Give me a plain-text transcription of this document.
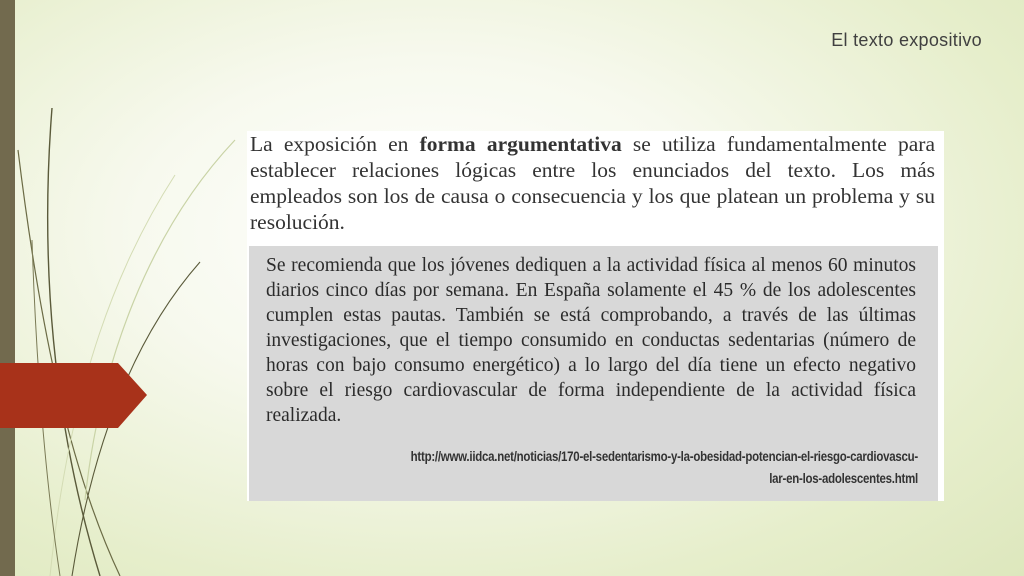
El texto expositivo

La exposición en forma argumentativa se utiliza fundamentalmente para establecer relaciones lógicas entre los enunciados del texto. Los más empleados son los de causa o consecuencia y los que platean un problema y su resolución.

Se recomienda que los jóvenes dediquen a la actividad física al menos 60 minutos diarios cinco días por semana. En España solamente el 45 % de los adolescentes cumplen estas pautas. También se está comprobando, a través de las últimas investigaciones, que el tiempo consumido en conductas sedentarias (número de horas con bajo consumo energético) a lo largo del día tiene un efecto negativo sobre el riesgo cardiovascular de forma independiente de la actividad física realizada.

http://www.iidca.net/noticias/170-el-sedentarismo-y-la-obesidad-potencian-el-riesgo-cardiovascu-
lar-en-los-adolescentes.html
